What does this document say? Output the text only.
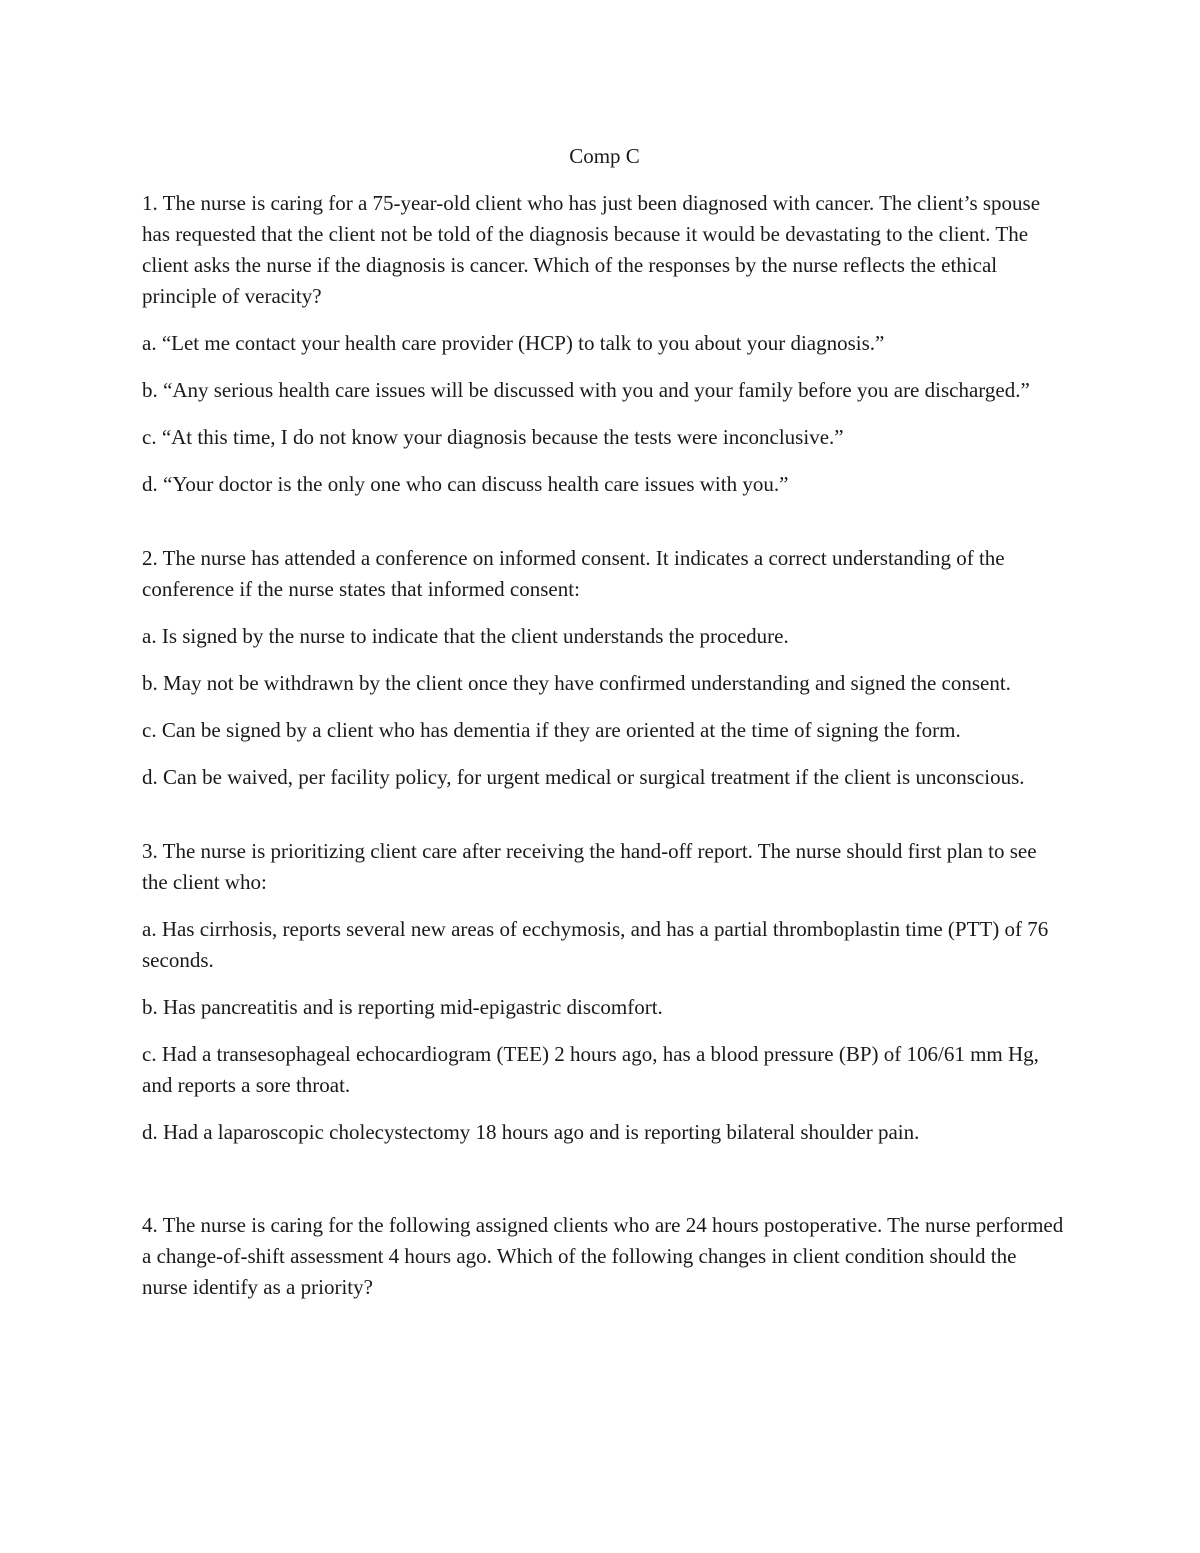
Comp C

1. The nurse is caring for a 75-year-old client who has just been diagnosed with cancer. The client’s spouse has requested that the client not be told of the diagnosis because it would be devastating to the client. The client asks the nurse if the diagnosis is cancer. Which of the responses by the nurse reflects the ethical principle of veracity?

a. “Let me contact your health care provider (HCP) to talk to you about your diagnosis.”

b. “Any serious health care issues will be discussed with you and your family before you are discharged.”

c. “At this time, I do not know your diagnosis because the tests were inconclusive.”

d. “Your doctor is the only one who can discuss health care issues with you.”

2. The nurse has attended a conference on informed consent. It indicates a correct understanding of the conference if the nurse states that informed consent:

a. Is signed by the nurse to indicate that the client understands the procedure.

b. May not be withdrawn by the client once they have confirmed understanding and signed the consent.

c. Can be signed by a client who has dementia if they are oriented at the time of signing the form.

d. Can be waived, per facility policy, for urgent medical or surgical treatment if the client is unconscious.

3. The nurse is prioritizing client care after receiving the hand-off report. The nurse should first plan to see the client who:

a. Has cirrhosis, reports several new areas of ecchymosis, and has a partial thromboplastin time (PTT) of 76 seconds.

b. Has pancreatitis and is reporting mid-epigastric discomfort.

c. Had a transesophageal echocardiogram (TEE) 2 hours ago, has a blood pressure (BP) of 106/61 mm Hg, and reports a sore throat.

d. Had a laparoscopic cholecystectomy 18 hours ago and is reporting bilateral shoulder pain.

4. The nurse is caring for the following assigned clients who are 24 hours postoperative. The nurse performed a change-of-shift assessment 4 hours ago. Which of the following changes in client condition should the nurse identify as a priority?
